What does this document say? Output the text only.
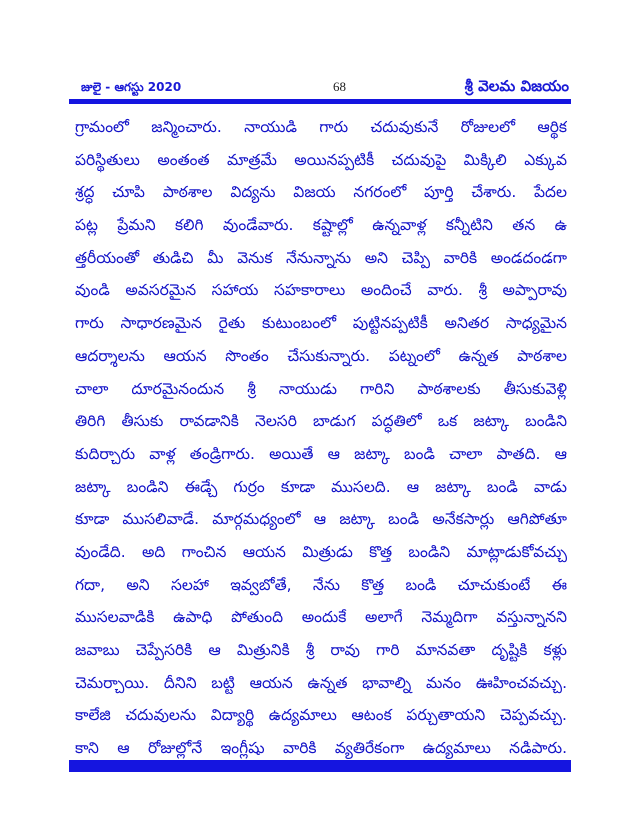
జులై - ఆగస్టు 2020	68	శ్రీ వెలమ విజయం
గ్రామంలో జన్మించారు. నాయుడి గారు చదువుకునే రోజులలో ఆర్థిక
పరిస్థితులు అంతంత మాత్రమే అయినప్పటికీ చదువుపై మిక్కిలి ఎక్కువ
శ్రద్ధ చూపి పాఠశాల విద్యను విజయ నగరంలో పూర్తి చేశారు. పేదల
పట్ల ప్రేమని కలిగి వుండేవారు. కష్టాల్లో ఉన్నవాళ్ల కన్నీటిని తన ఉ
త్తరీయంతో తుడిచి మీ వెనుక నేనున్నాను అని చెప్పి వారికి అండదండగా
వుండి అవసరమైన సహాయ సహకారాలు అందించే వారు. శ్రీ అప్పారావు
గారు సాధారణమైన రైతు కుటుంబంలో పుట్టినప్పటికీ అనితర సాధ్యమైన
ఆదర్శాలను ఆయన సొంతం చేసుకున్నారు. పట్నంలో ఉన్నత పాఠశాల
చాలా దూరమైనందున శ్రీ నాయుడు గారిని పాఠశాలకు తీసుకువెళ్లి
తిరిగి తీసుకు రావడానికి నెలసరి బాడుగ పద్ధతిలో ఒక జట్కా బండిని
కుదిర్చారు వాళ్ల తండ్రిగారు. అయితే ఆ జట్కా బండి చాలా పాతది. ఆ
జట్కా బండిని ఈడ్చే గుర్రం కూడా ముసలది. ఆ జట్కా బండి వాడు
కూడా ముసలివాడే. మార్గమధ్యంలో ఆ జట్కా బండి అనేకసార్లు ఆగిపోతూ
వుండేది. అది గాంచిన ఆయన మిత్రుడు కొత్త బండిని మాట్లాడుకోవచ్చు
గదా, అని సలహా ఇవ్వబోతే, నేను కొత్త బండి చూచుకుంటే ఈ
ముసలవాడికి ఉపాధి పోతుంది అందుకే అలాగే నెమ్మదిగా వస్తున్నానని
జవాబు చెప్పేసరికి ఆ మిత్రునికి శ్రీ రావు గారి మానవతా దృష్టికి కళ్లు
చెమర్చాయి. దీనిని బట్టి ఆయన ఉన్నత భావాల్ని మనం ఊహించవచ్చు.
కాలేజి చదువులను విద్యార్థి ఉద్యమాలు ఆటంక పర్చుతాయని చెప్పవచ్చు.
కాని ఆ రోజుల్లోనే ఇంగ్లీషు వారికి వ్యతిరేకంగా ఉద్యమాలు నడిపారు.
